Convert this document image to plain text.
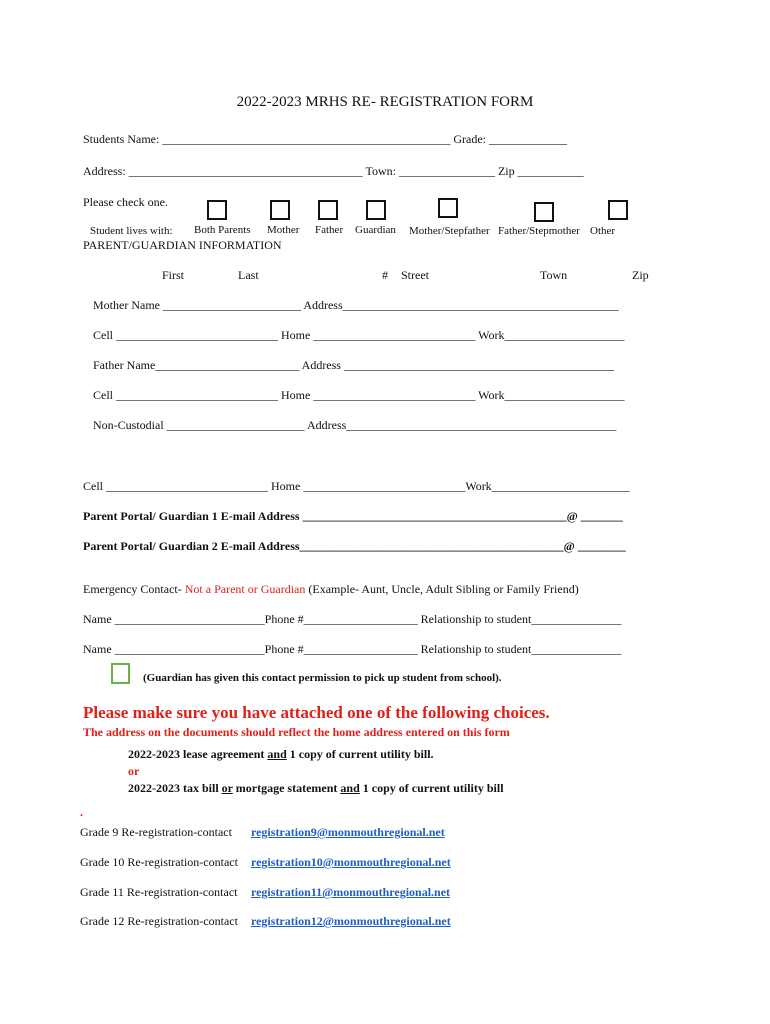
2022-2023 MRHS RE- REGISTRATION FORM
Students Name: ________________________________________________ Grade: _____________
Address: _______________________________________ Town: ________________ Zip ___________
Please check one.
Student lives with: Both Parents Mother Father Guardian Mother/Stepfather Father/Stepmother Other
PARENT/GUARDIAN INFORMATION
First	Last	# Street	Town	Zip
Mother Name _______________________ Address______________________________________________
Cell ___________________________ Home ___________________________ Work____________________
Father Name________________________ Address _____________________________________________
Cell ___________________________ Home ___________________________ Work____________________
Non-Custodial _______________________ Address_____________________________________________
Cell ___________________________ Home ___________________________Work_______________________
Parent Portal/ Guardian 1 E-mail Address ____________________________________________@ _______
Parent Portal/ Guardian 2 E-mail Address____________________________________________@ ________
Emergency Contact- Not a Parent or Guardian (Example- Aunt, Uncle, Adult Sibling or Family Friend)
Name _________________________Phone #___________________ Relationship to student_______________
Name _________________________Phone #___________________ Relationship to student_______________
(Guardian has given this contact permission to pick up student from school).
Please make sure you have attached one of the following choices.
The address on the documents should reflect the home address entered on this form
2022-2023 lease agreement and 1 copy of current utility bill.
or
2022-2023 tax bill or mortgage statement and 1 copy of current utility bill
.
Grade 9 Re-registration-contact registration9@monmouthregional.net
Grade 10 Re-registration-contact registration10@monmouthregional.net
Grade 11 Re-registration-contact registration11@monmouthregional.net
Grade 12 Re-registration-contact registration12@monmouthregional.net
